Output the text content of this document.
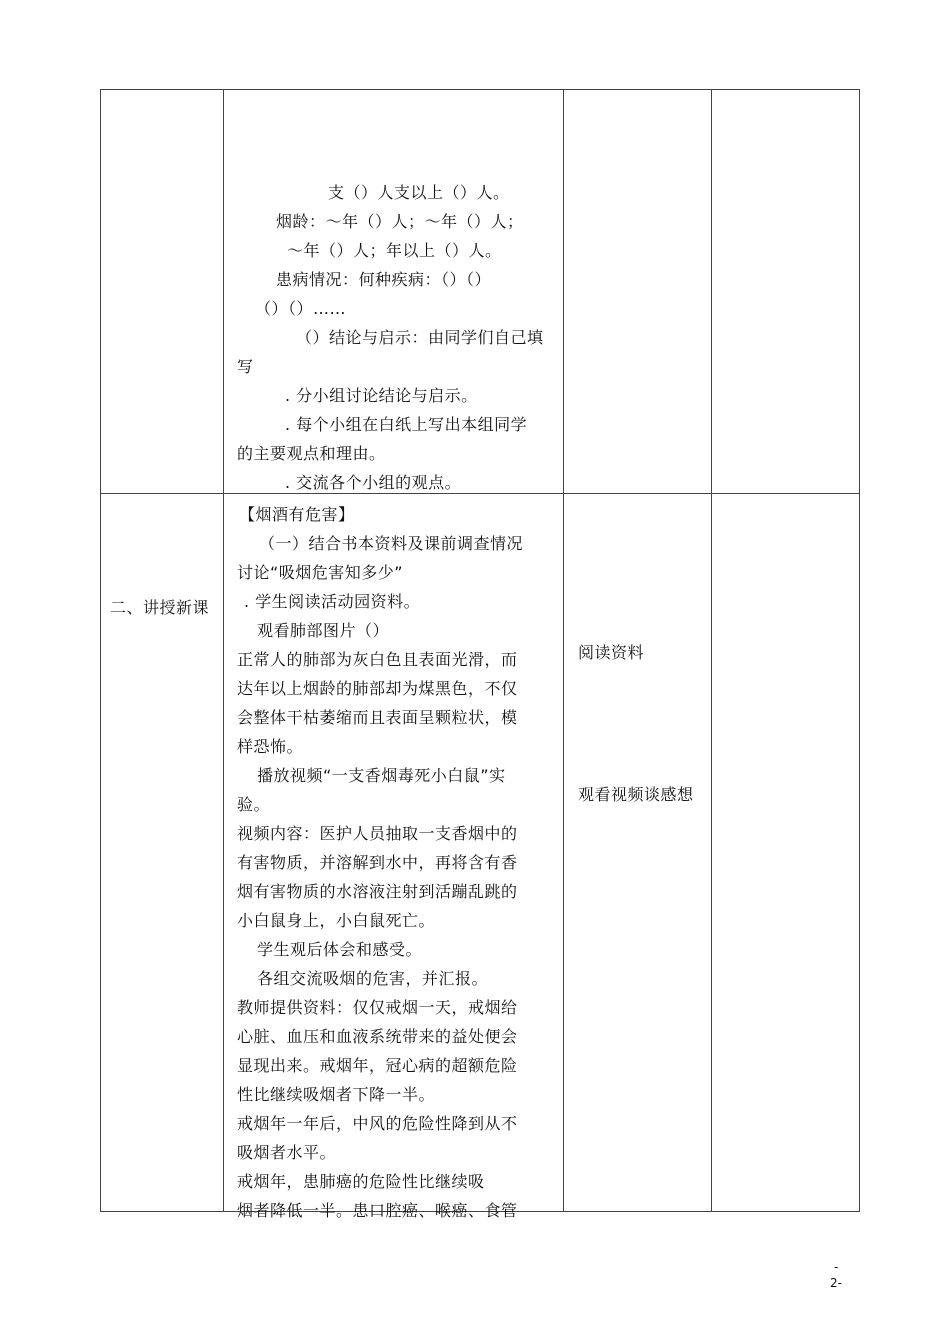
支（）人支以上（）人。
烟龄：～年（）人；～年（）人；
～年（）人；年以上（）人。
患病情况：何种疾病：（）（）
（）（）……
（）结论与启示：由同学们自己填
写
. 分小组讨论结论与启示。
. 每个小组在白纸上写出本组同学
的主要观点和理由。
. 交流各个小组的观点。
二、讲授新课
【烟酒有危害】
（一）结合书本资料及课前调查情况
讨论“吸烟危害知多少”
. 学生阅读活动园资料。
观看肺部图片（）
正常人的肺部为灰白色且表面光滑，而
达年以上烟龄的肺部却为煤黑色，不仅
会整体干枯萎缩而且表面呈颗粒状，模
样恐怖。
播放视频“一支香烟毒死小白鼠”实
验。
视频内容：医护人员抽取一支香烟中的
有害物质，并溶解到水中，再将含有香
烟有害物质的水溶液注射到活蹦乱跳的
小白鼠身上，小白鼠死亡。
学生观后体会和感受。
各组交流吸烟的危害，并汇报。
教师提供资料：仅仅戒烟一天，戒烟给
心脏、血压和血液系统带来的益处便会
显现出来。戒烟年，冠心病的超额危险
性比继续吸烟者下降一半。
戒烟年一年后，中风的危险性降到从不
吸烟者水平。
戒烟年，患肺癌的危险性比继续吸
烟者降低一半。患口腔癌、喉癌、食管
阅读资料
观看视频谈感想
-
2-
